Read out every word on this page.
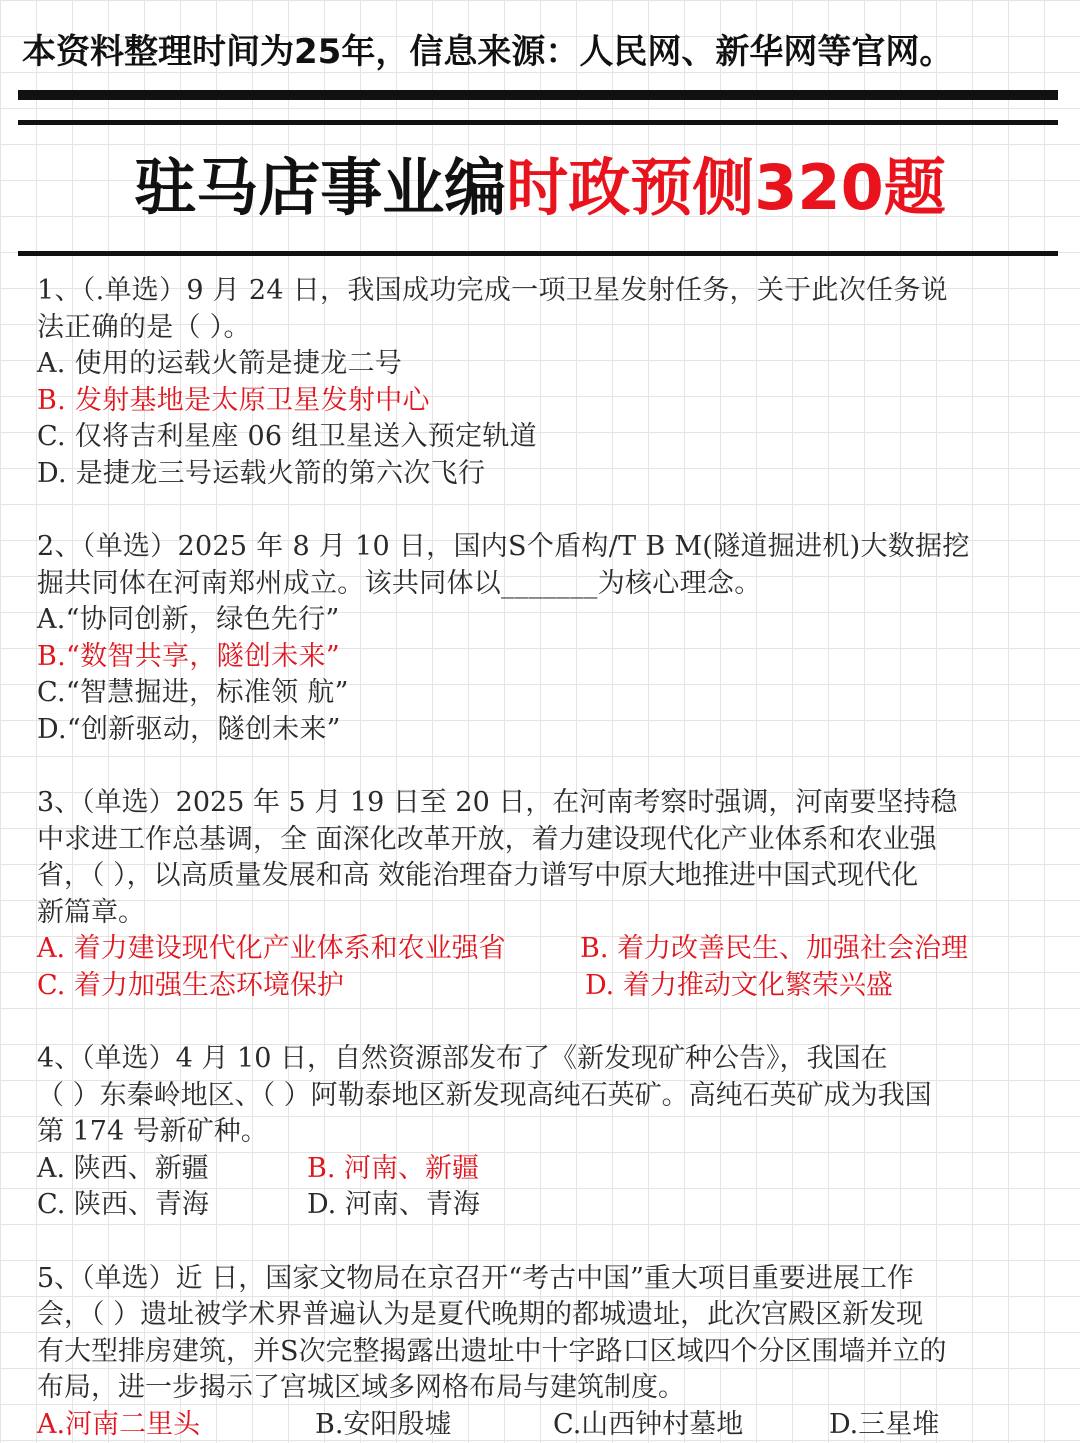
本资料整理时间为25年，信息来源：人民网、新华网等官网。
驻马店事业编时政预侧320题
1、（.单选）9 月 24 日，我国成功完成一项卫星发射任务，关于此次任务说
法正确的是（ ）。
A. 使用的运载火箭是捷龙二号
B. 发射基地是太原卫星发射中心
C. 仅将吉利星座 06 组卫星送入预定轨道
D. 是捷龙三号运载火箭的第六次飞行
2、（单选）2025 年 8 月 10 日，国内S个盾构/T B M(隧道掘进机)大数据挖
掘共同体在河南郑州成立。该共同体以_______为核心理念。
A.“协同创新，绿色先行”
B.“数智共享，隧创未来”
C.“智慧掘进，标准领 航”
D.“创新驱动，隧创未来”
3、（单选）2025 年 5 月 19 日至 20 日，在河南考察时强调，河南要坚持稳
中求进工作总基调，全 面深化改革开放，着力建设现代化产业体系和农业强
省，（ ），以高质量发展和高 效能治理奋力谱写中原大地推进中国式现代化
新篇章。
A. 着力建设现代化产业体系和农业强省	B. 着力改善民生、加强社会治理
C. 着力加强生态环境保护	D. 着力推动文化繁荣兴盛
4、（单选）4 月 10 日，自然资源部发布了《新发现矿种公告》，我国在
（ ）东秦岭地区、（ ）阿勒泰地区新发现高纯石英矿。高纯石英矿成为我国
第 174 号新矿种。
A. 陕西、新疆	B. 河南、新疆
C. 陕西、青海	D. 河南、青海
5、（单选）近 日，国家文物局在京召开“考古中国”重大项目重要进展工作
会，（ ）遗址被学术界普遍认为是夏代晚期的都城遗址，此次宫殿区新发现
有大型排房建筑，并S次完整揭露出遗址中十字路口区域四个分区围墙并立的
布局，进一步揭示了宫城区域多网格布局与建筑制度。
A.河南二里头	B.安阳殷墟	C.山西钟村墓地	D.三星堆
